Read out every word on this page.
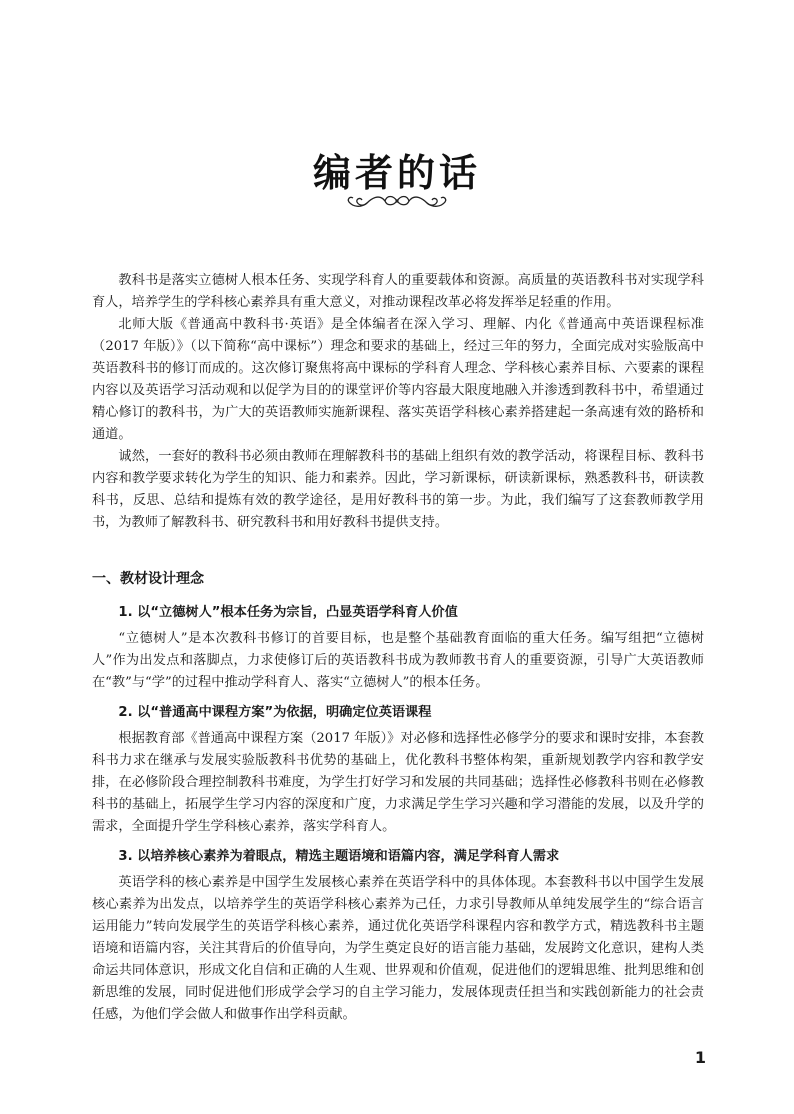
编者的话

教科书是落实立德树人根本任务、实现学科育人的重要载体和资源。高质量的英语教科书对实现学科育人，培养学生的学科核心素养具有重大意义，对推动课程改革必将发挥举足轻重的作用。

北师大版《普通高中教科书·英语》是全体编者在深入学习、理解、内化《普通高中英语课程标准（2017 年版）》（以下简称“高中课标”）理念和要求的基础上，经过三年的努力，全面完成对实验版高中英语教科书的修订而成的。这次修订聚焦将高中课标的学科育人理念、学科核心素养目标、六要素的课程内容以及英语学习活动观和以促学为目的的课堂评价等内容最大限度地融入并渗透到教科书中，希望通过精心修订的教科书，为广大的英语教师实施新课程、落实英语学科核心素养搭建起一条高速有效的路桥和通道。

诚然，一套好的教科书必须由教师在理解教科书的基础上组织有效的教学活动，将课程目标、教科书内容和教学要求转化为学生的知识、能力和素养。因此，学习新课标，研读新课标，熟悉教科书，研读教科书，反思、总结和提炼有效的教学途径，是用好教科书的第一步。为此，我们编写了这套教师教学用书，为教师了解教科书、研究教科书和用好教科书提供支持。

一、教材设计理念
1. 以“立德树人”根本任务为宗旨，凸显英语学科育人价值

“立德树人”是本次教科书修订的首要目标，也是整个基础教育面临的重大任务。编写组把“立德树人”作为出发点和落脚点，力求使修订后的英语教科书成为教师教书育人的重要资源，引导广大英语教师在“教”与“学”的过程中推动学科育人、落实“立德树人”的根本任务。

2. 以“普通高中课程方案”为依据，明确定位英语课程

根据教育部《普通高中课程方案（2017 年版）》对必修和选择性必修学分的要求和课时安排，本套教科书力求在继承与发展实验版教科书优势的基础上，优化教科书整体构架，重新规划教学内容和教学安排，在必修阶段合理控制教科书难度，为学生打好学习和发展的共同基础；选择性必修教科书则在必修教科书的基础上，拓展学生学习内容的深度和广度，力求满足学生学习兴趣和学习潜能的发展，以及升学的需求，全面提升学生学科核心素养，落实学科育人。

3. 以培养核心素养为着眼点，精选主题语境和语篇内容，满足学科育人需求

英语学科的核心素养是中国学生发展核心素养在英语学科中的具体体现。本套教科书以中国学生发展核心素养为出发点，以培养学生的英语学科核心素养为己任，力求引导教师从单纯发展学生的“综合语言运用能力”转向发展学生的英语学科核心素养，通过优化英语学科课程内容和教学方式，精选教科书主题语境和语篇内容，关注其背后的价值导向，为学生奠定良好的语言能力基础，发展跨文化意识，建构人类命运共同体意识，形成文化自信和正确的人生观、世界观和价值观，促进他们的逻辑思维、批判思维和创新思维的发展，同时促进他们形成学会学习的自主学习能力，发展体现责任担当和实践创新能力的社会责任感，为他们学会做人和做事作出学科贡献。

1
